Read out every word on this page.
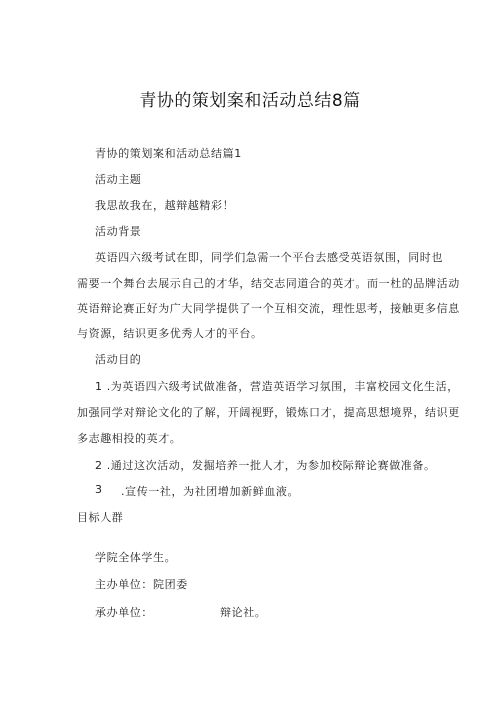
青协的策划案和活动总结8篇
青协的策划案和活动总结篇1
活动主题
我思故我在，越辩越精彩！
活动背景
英语四六级考试在即，同学们急需一个平台去感受英语氛围，同时也
需要一个舞台去展示自己的才华，结交志同道合的英才。而一杜的品牌活动
英语辩论赛正好为广大同学提供了一个互相交流，理性思考，接触更多信息
与资源，结识更多优秀人才的平台。
活动目的
1 .为英语四六级考试做准备，营造英语学习氛围，丰富校园文化生活，
加强同学对辩论文化的了解，开阔视野，锻炼口才，提高思想境界，结识更
多志趣相投的英才。
2 .通过这次活动，发掘培养一批人才，为参加校际辩论赛做准备。
3 .宣传一社，为社团增加新鲜血液。
目标人群
学院全体学生。
主办单位：院团委
承办单位：	辩论社。
